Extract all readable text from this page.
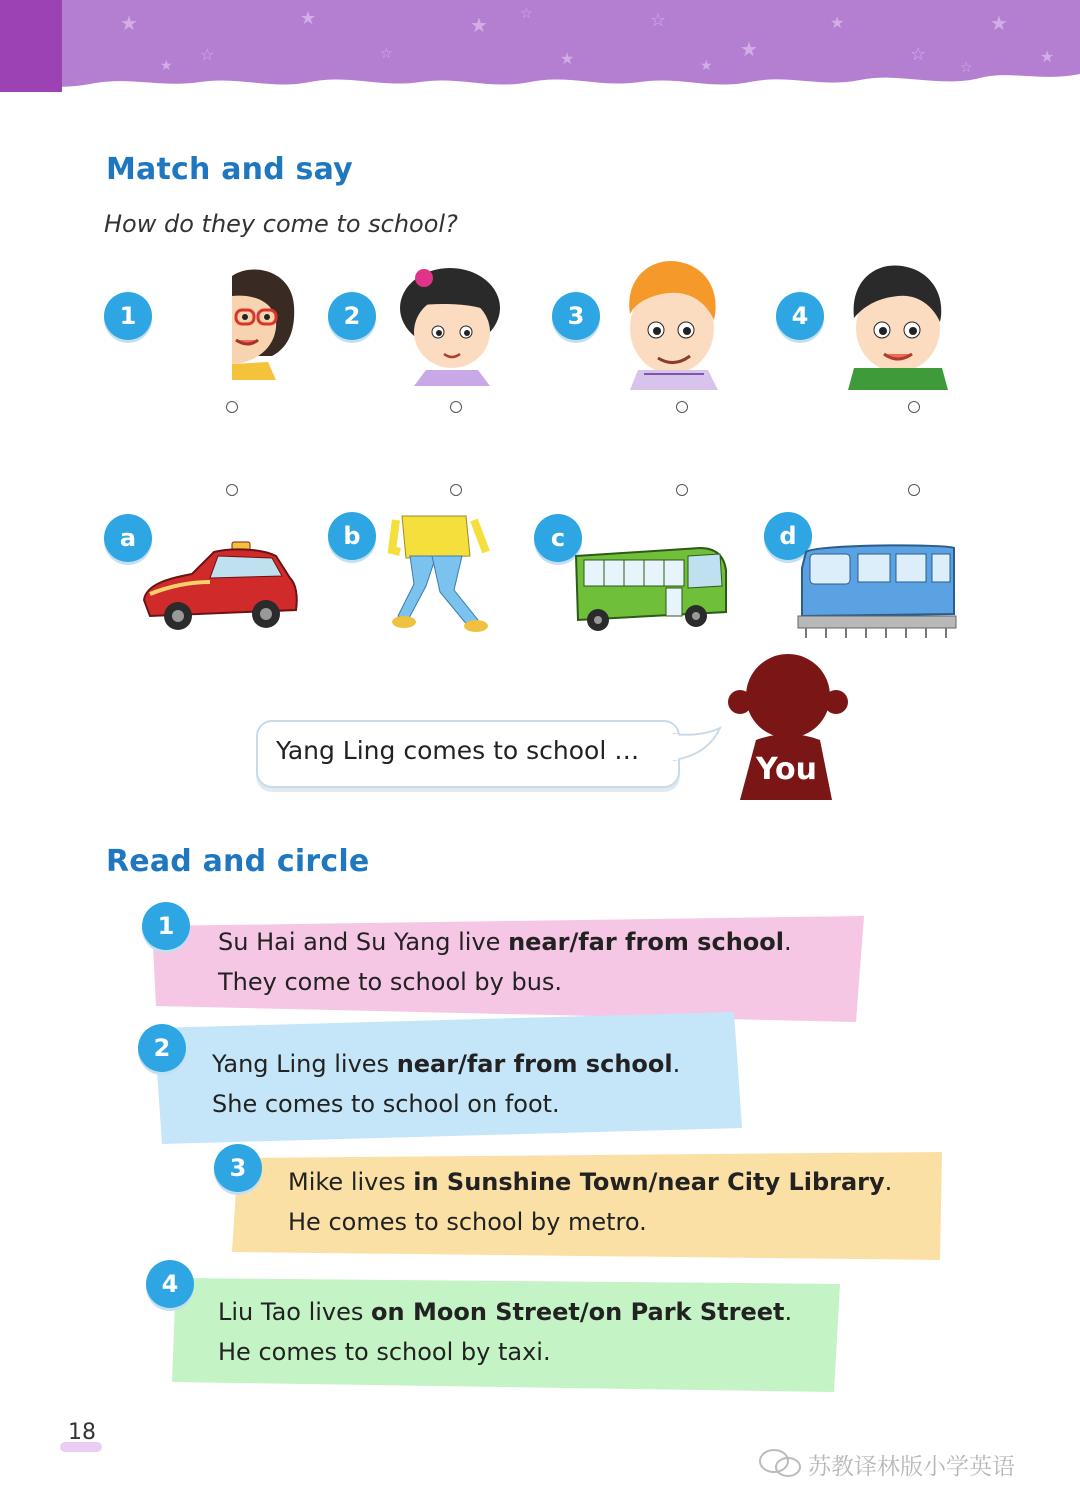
★
☆
★
☆
★
★
☆
★
★
☆
★
★
★
☆
★	☆
Match and say
How do they come to school?
1	2	3	4
a	b	c	d
Yang Ling comes to school …
You
Read and circle
1
Su Hai and Su Yang live near/far from school.
They come to school by bus.
2
Yang Ling lives near/far from school.
She comes to school on foot.
3	Mike lives in Sunshine Town/near City Library.
He comes to school by metro.
4
Liu Tao lives on Moon Street/on Park Street.
He comes to school by taxi.
18
苏教译林版小学英语
